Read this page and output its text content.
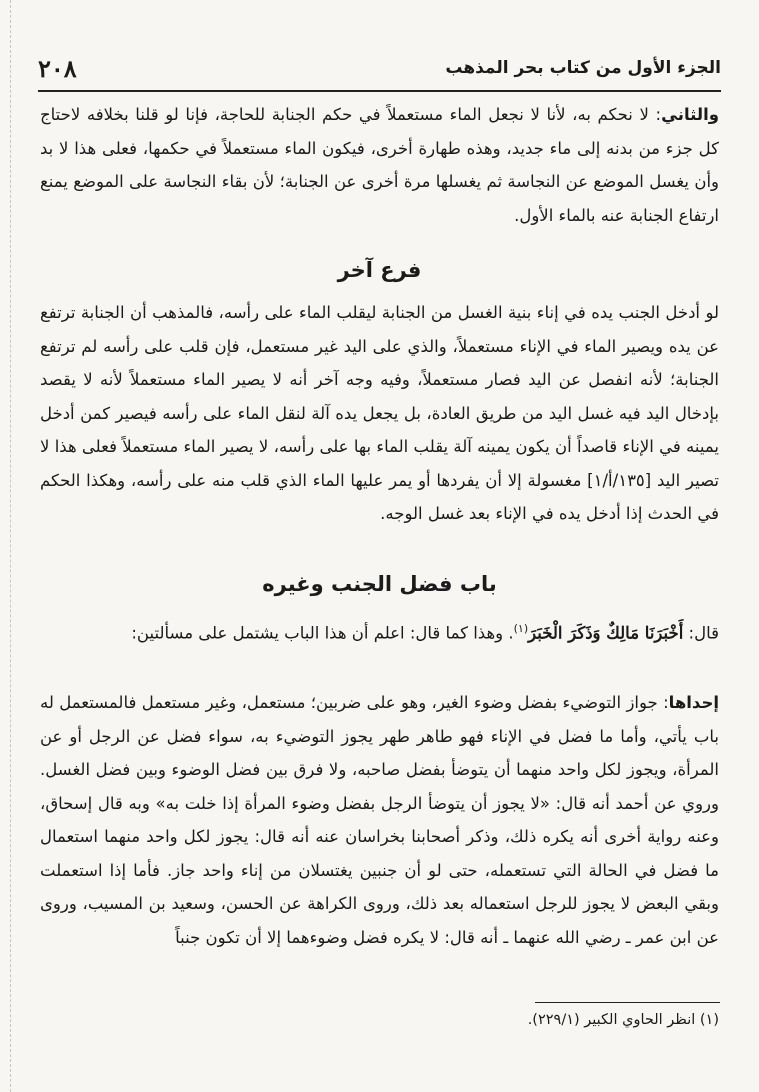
٢٠٨	الجزء الأول من كتاب بحر المذهب

والثاني: لا نحكم به، لأنا لا نجعل الماء مستعملاً في حكم الجنابة للحاجة، فإنا لو قلنا بخلافه لاحتاج كل جزء من بدنه إلى ماء جديد، وهذه طهارة أخرى، فيكون الماء مستعملاً في حكمها، فعلى هذا لا بد وأن يغسل الموضع عن النجاسة ثم يغسلها مرة أخرى عن الجنابة؛ لأن بقاء النجاسة على الموضع يمنع ارتفاع الجنابة عنه بالماء الأول.

فرع آخر

لو أدخل الجنب يده في إناء بنية الغسل من الجنابة ليقلب الماء على رأسه، فالمذهب أن الجنابة ترتفع عن يده ويصير الماء في الإناء مستعملاً، والذي على اليد غير مستعمل، فإن قلب على رأسه لم ترتفع الجنابة؛ لأنه انفصل عن اليد فصار مستعملاً، وفيه وجه آخر أنه لا يصير الماء مستعملاً لأنه لا يقصد بإدخال اليد فيه غسل اليد من طريق العادة، بل يجعل يده آلة لنقل الماء على رأسه فيصير كمن أدخل يمينه في الإناء قاصداً أن يكون يمينه آلة يقلب الماء بها على رأسه، لا يصير الماء مستعملاً فعلى هذا لا تصير اليد [١٣٥/أ/١] مغسولة إلا أن يفردها أو يمر عليها الماء الذي قلب منه على رأسه، وهكذا الحكم في الحدث إذا أدخل يده في الإناء بعد غسل الوجه.

باب فضل الجنب وغيره

قال: أَخْبَرَنَا مَالِكٌ وَذَكَرَ الْخَبَرَ$^{(١)}$. وهذا كما قال: اعلم أن هذا الباب يشتمل على مسألتين:

إحداها: جواز التوضيء بفضل وضوء الغير، وهو على ضربين؛ مستعمل، وغير مستعمل فالمستعمل له باب يأتي، وأما ما فضل في الإناء فهو طاهر طهر يجوز التوضيء به، سواء فضل عن الرجل أو عن المرأة، ويجوز لكل واحد منهما أن يتوضأ بفضل صاحبه، ولا فرق بين فضل الوضوء وبين فضل الغسل. وروي عن أحمد أنه قال: «لا يجوز أن يتوضأ الرجل بفضل وضوء المرأة إذا خلت به» وبه قال إسحاق، وعنه رواية أخرى أنه يكره ذلك، وذكر أصحابنا بخراسان عنه أنه قال: يجوز لكل واحد منهما استعمال ما فضل في الحالة التي تستعمله، حتى لو أن جنبين يغتسلان من إناء واحد جاز. فأما إذا استعملت وبقي البعض لا يجوز للرجل استعماله بعد ذلك، وروى الكراهة عن الحسن، وسعيد بن المسيب، وروى عن ابن عمر ـ رضي الله عنهما ـ أنه قال: لا يكره فضل وضوءهما إلا أن تكون جنباً

(١) انظر الحاوي الكبير (٢٢٩/١).
